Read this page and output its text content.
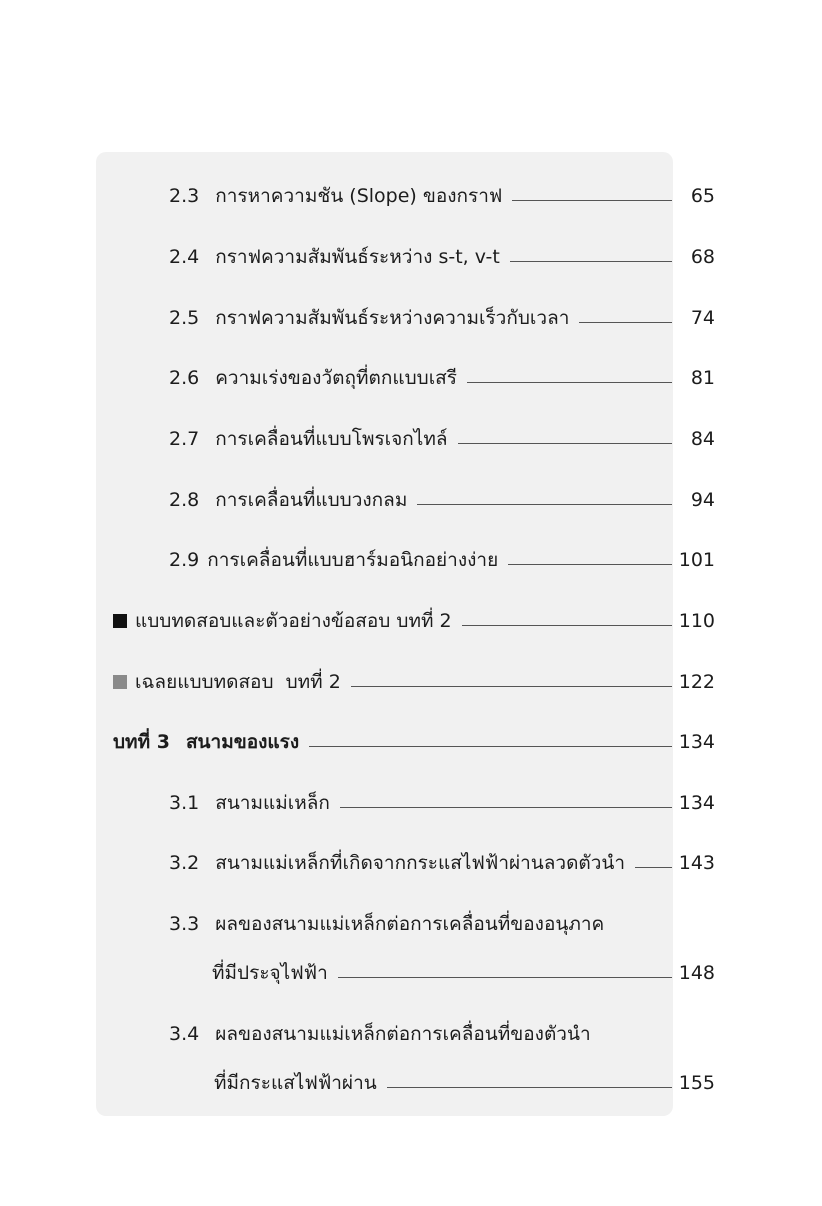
2.3 การหาความชัน (Slope) ของกราฟ	65
2.4 กราฟความสัมพันธ์ระหว่าง s-t, v-t	68
2.5 กราฟความสัมพันธ์ระหว่างความเร็วกับเวลา	74
2.6 ความเร่งของวัตถุที่ตกแบบเสรี	81
2.7 การเคลื่อนที่แบบโพรเจกไทล์	84
2.8 การเคลื่อนที่แบบวงกลม	94
2.9 การเคลื่อนที่แบบฮาร์มอนิกอย่างง่าย	101
แบบทดสอบและตัวอย่างข้อสอบ บทที่ 2	110
เฉลยแบบทดสอบ  บทที่ 2	122
บทที่ 3 สนามของแรง	134
3.1 สนามแม่เหล็ก	134
3.2 สนามแม่เหล็กที่เกิดจากกระแสไฟฟ้าผ่านลวดตัวนำ	143
3.3 ผลของสนามแม่เหล็กต่อการเคลื่อนที่ของอนุภาค
ที่มีประจุไฟฟ้า	148
3.4 ผลของสนามแม่เหล็กต่อการเคลื่อนที่ของตัวนำ
ที่มีกระแสไฟฟ้าผ่าน	155
